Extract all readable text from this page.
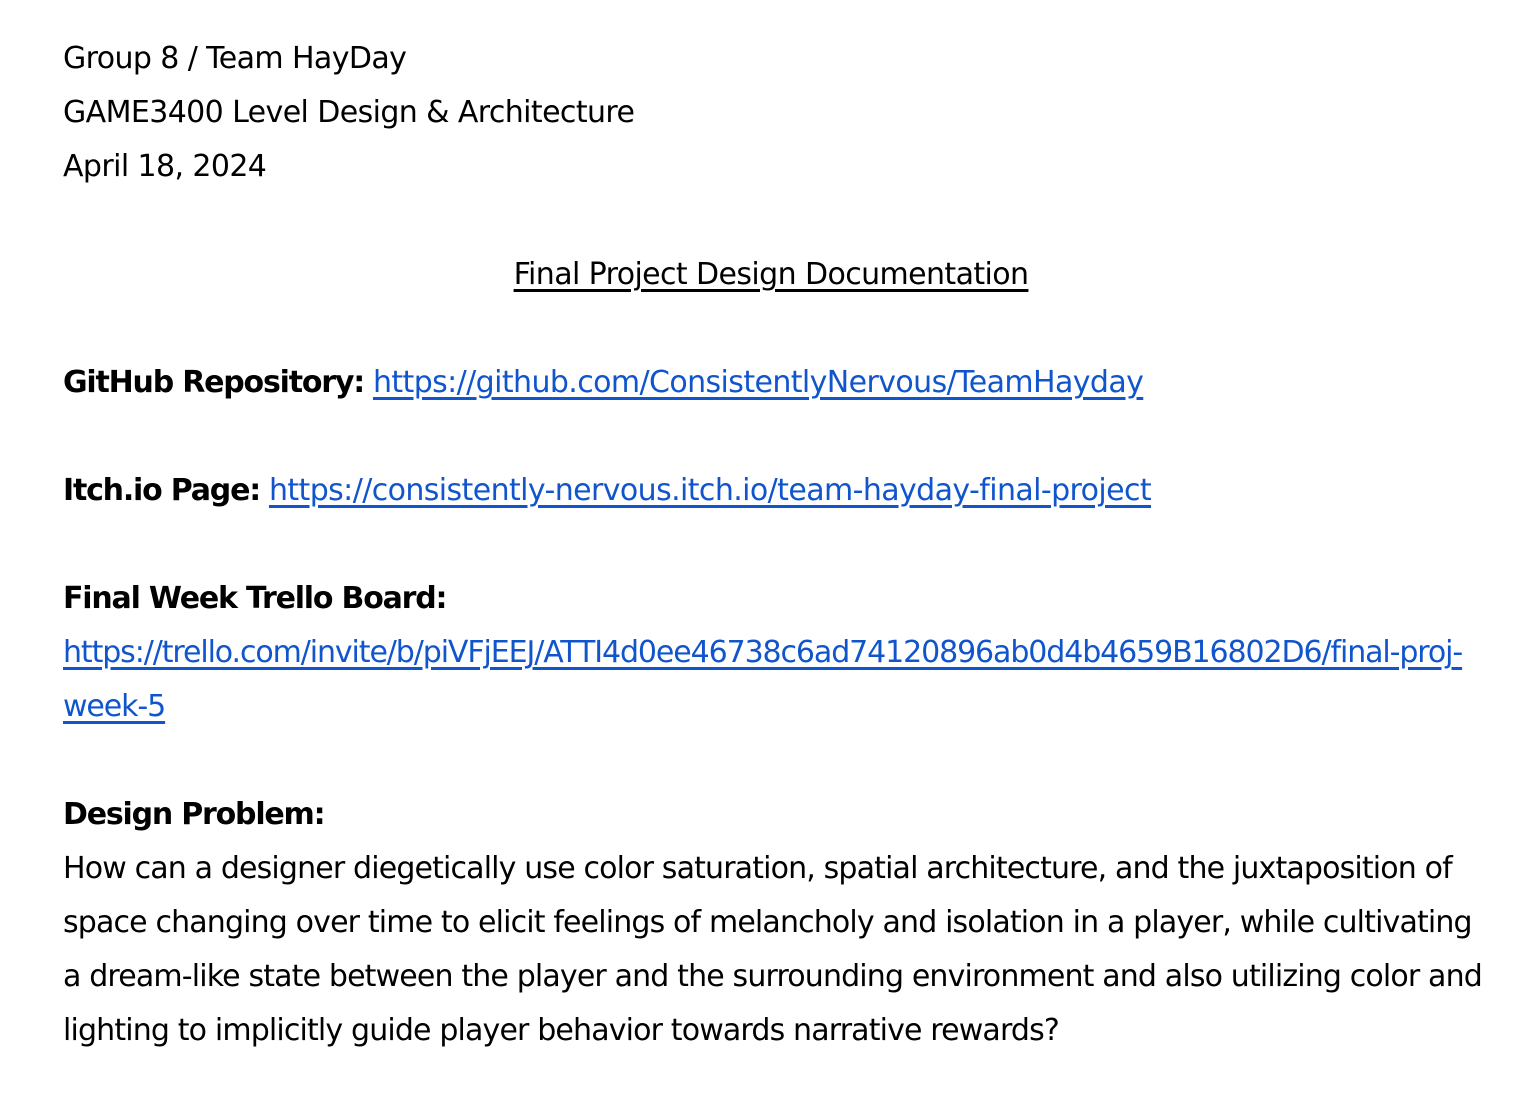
Group 8 / Team HayDay

GAME3400 Level Design & Architecture

April 18, 2024

Final Project Design Documentation

GitHub Repository: https://github.com/ConsistentlyNervous/TeamHayday

Itch.io Page: https://consistently-nervous.itch.io/team-hayday-final-project

Final Week Trello Board:

https://trello.com/invite/b/piVFjEEJ/ATTI4d0ee46738c6ad74120896ab0d4b4659B16802D6/final-proj-week-5

Design Problem:

How can a designer diegetically use color saturation, spatial architecture, and the juxtaposition of space changing over time to elicit feelings of melancholy and isolation in a player, while cultivating a dream-like state between the player and the surrounding environment and also utilizing color and lighting to implicitly guide player behavior towards narrative rewards?
